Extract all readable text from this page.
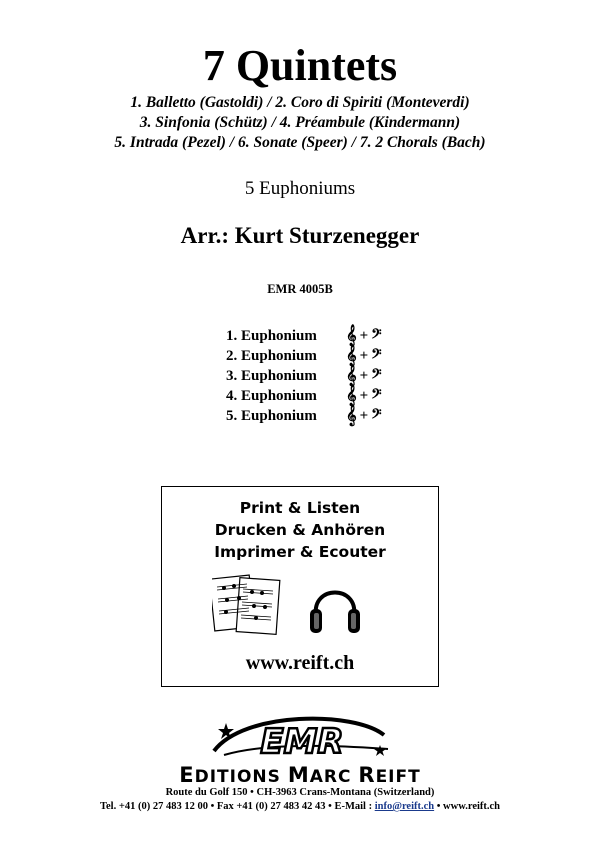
7 Quintets
1. Balletto (Gastoldi) / 2. Coro di Spiriti (Monteverdi)
3. Sinfonia (Schütz) / 4. Préambule (Kindermann)
5. Intrada (Pezel) / 6. Sonate (Speer) / 7. 2 Chorals (Bach)
5 Euphoniums
Arr.: Kurt Sturzenegger
EMR 4005B
1. Euphonium	𝄞 + 𝄢
2. Euphonium	𝄞 + 𝄢
3. Euphonium	𝄞 + 𝄢
4. Euphonium	𝄞 + 𝄢
5. Euphonium	𝄞 + 𝄢
Print & Listen
Drucken & Anhören
Imprimer & Ecouter
www.reift.ch
EMR
EDITIONS MARC REIFT
Route du Golf 150 • CH-3963 Crans-Montana (Switzerland)
Tel. +41 (0) 27 483 12 00 • Fax +41 (0) 27 483 42 43 • E-Mail : info@reift.ch • www.reift.ch
